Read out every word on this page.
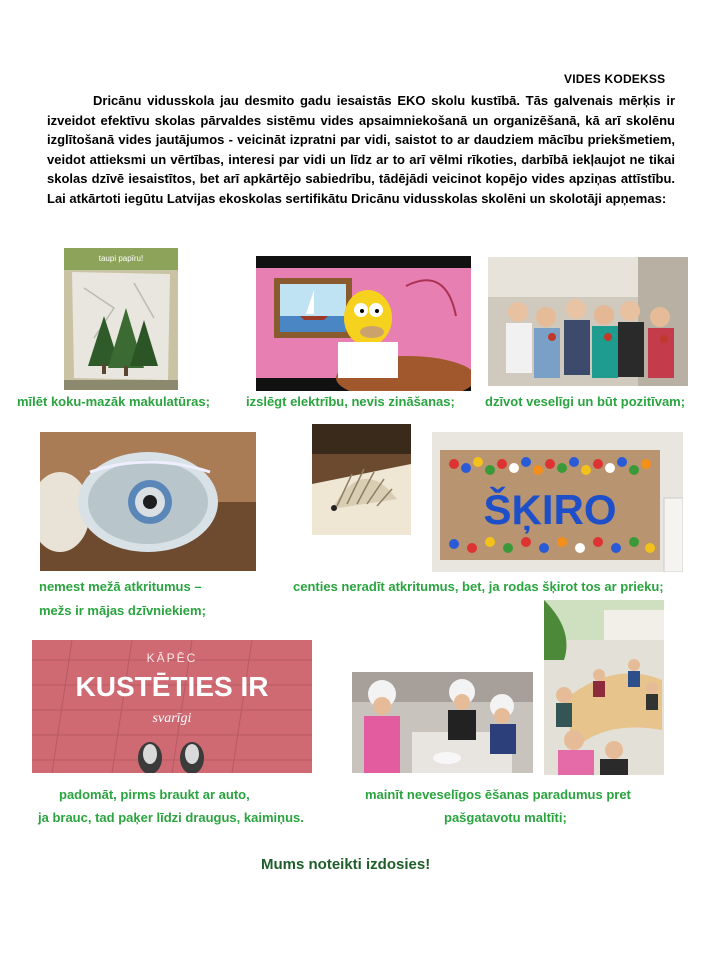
VIDES KODEKSS
Dricānu vidusskola jau desmito gadu iesaistās EKO skolu kustībā. Tās galvenais mērķis ir izveidot efektīvu skolas pārvaldes sistēmu vides apsaimniekošanā un organizēšanā, kā arī skolēnu izglītošanā vides jautājumos - veicināt izpratni par vidi, saistot to ar daudziem mācību priekšmetiem, veidot attieksmi un vērtības, interesi par vidi un līdz ar to arī vēlmi rīkoties, darbībā iekļaujot ne tikai skolas dzīvē iesaistītos, bet arī apkārtējo sabiedrību, tādējādi veicinot kopējo vides apziņas attīstību. Lai atkārtoti iegūtu Latvijas ekoskolas sertifikātu Dricānu vidusskolas skolēni un skolotāji apņemas:
taupi papīru!
mīlēt koku-mazāk makulatūras;	izslēgt elektrību, nevis zināšanas; dzīvot veselīgi un būt pozitīvam;
ŠĶIRO
nemest mežā atkritumus –
mežs ir mājas dzīvniekiem;
centies neradīt atkritumus, bet, ja rodas šķirot tos ar prieku;
KĀPĒC
KUSTĒTIES IR
svarīgi
padomāt, pirms braukt ar auto,
ja brauc, tad paķer līdzi draugus, kaimiņus.
mainīt neveselīgos ēšanas paradumus pret
pašgatavotu maltīti;
Mums noteikti izdosies!
